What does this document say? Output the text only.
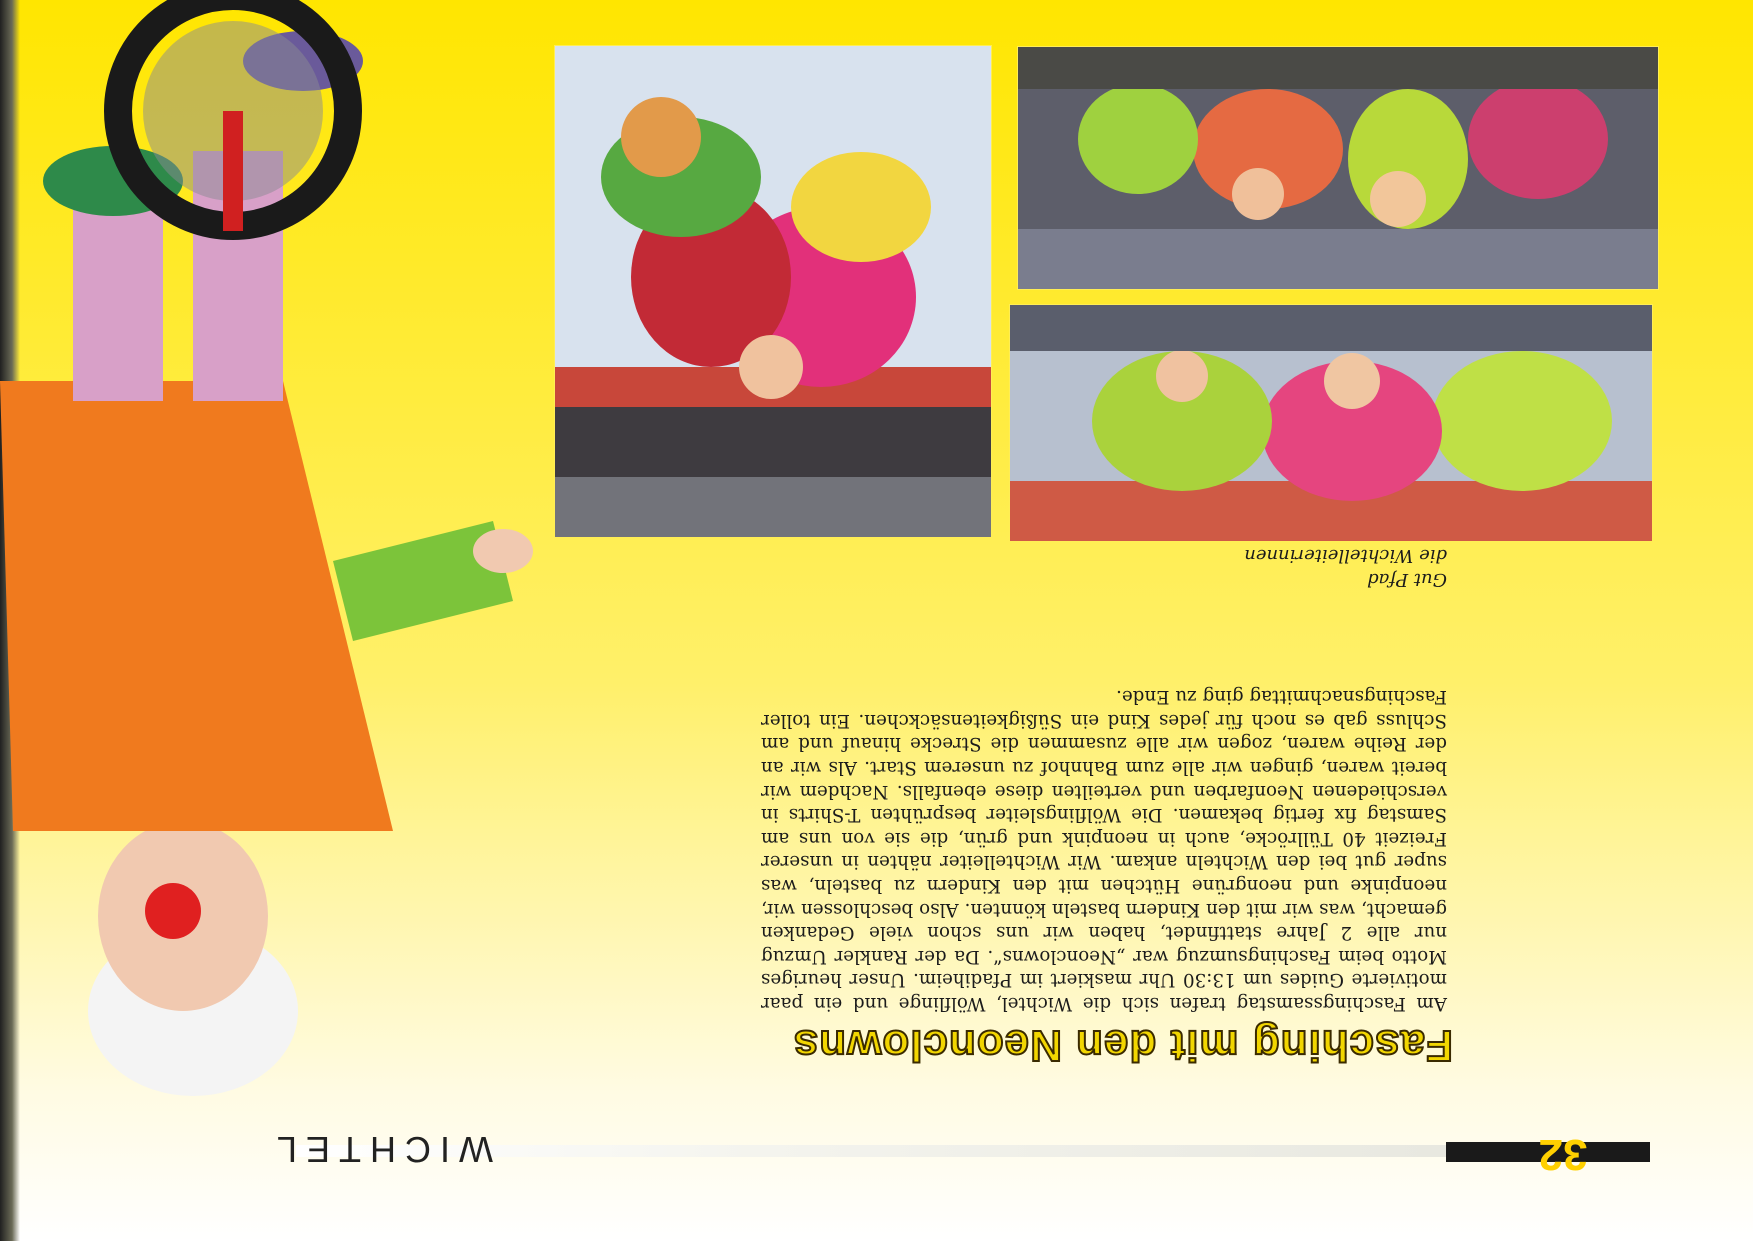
32
WICHTEL
Fasching mit den Neonclowns

Am Faschingssamstag trafen sich die Wichtel, Wölflinge und ein paar motivierte Guides um 13:30 Uhr maskiert im Pfadiheim. Unser heuriges Motto beim Faschingsumzug war „Neonclowns“. Da der Rankler Umzug nur alle 2 Jahre stattfindet, haben wir uns schon viele Gedanken gemacht, was wir mit den Kindern basteln könnten. Also beschlossen wir, neonpinke und neongrüne Hütchen mit den Kindern zu basteln, was super gut bei den Wichteln ankam. Wir Wichtelleiter nähten in unserer Freizeit 40 Tüllröcke, auch in neonpink und grün, die sie von uns am Samstag fix fertig bekamen. Die Wölflingsleiter besprühten T-Shirts in verschiedenen Neonfarben und verteilten diese ebenfalls. Nachdem wir bereit waren, gingen wir alle zum Bahnhof zu unserem Start. Als wir an der Reihe waren, zogen wir alle zusammen die Strecke hinauf und am Schluss gab es noch für jedes Kind ein Süßigkeitensäckchen. Ein toller Faschingsnachmittag ging zu Ende.

Gut Pfad
die Wichtelleiterinnen
